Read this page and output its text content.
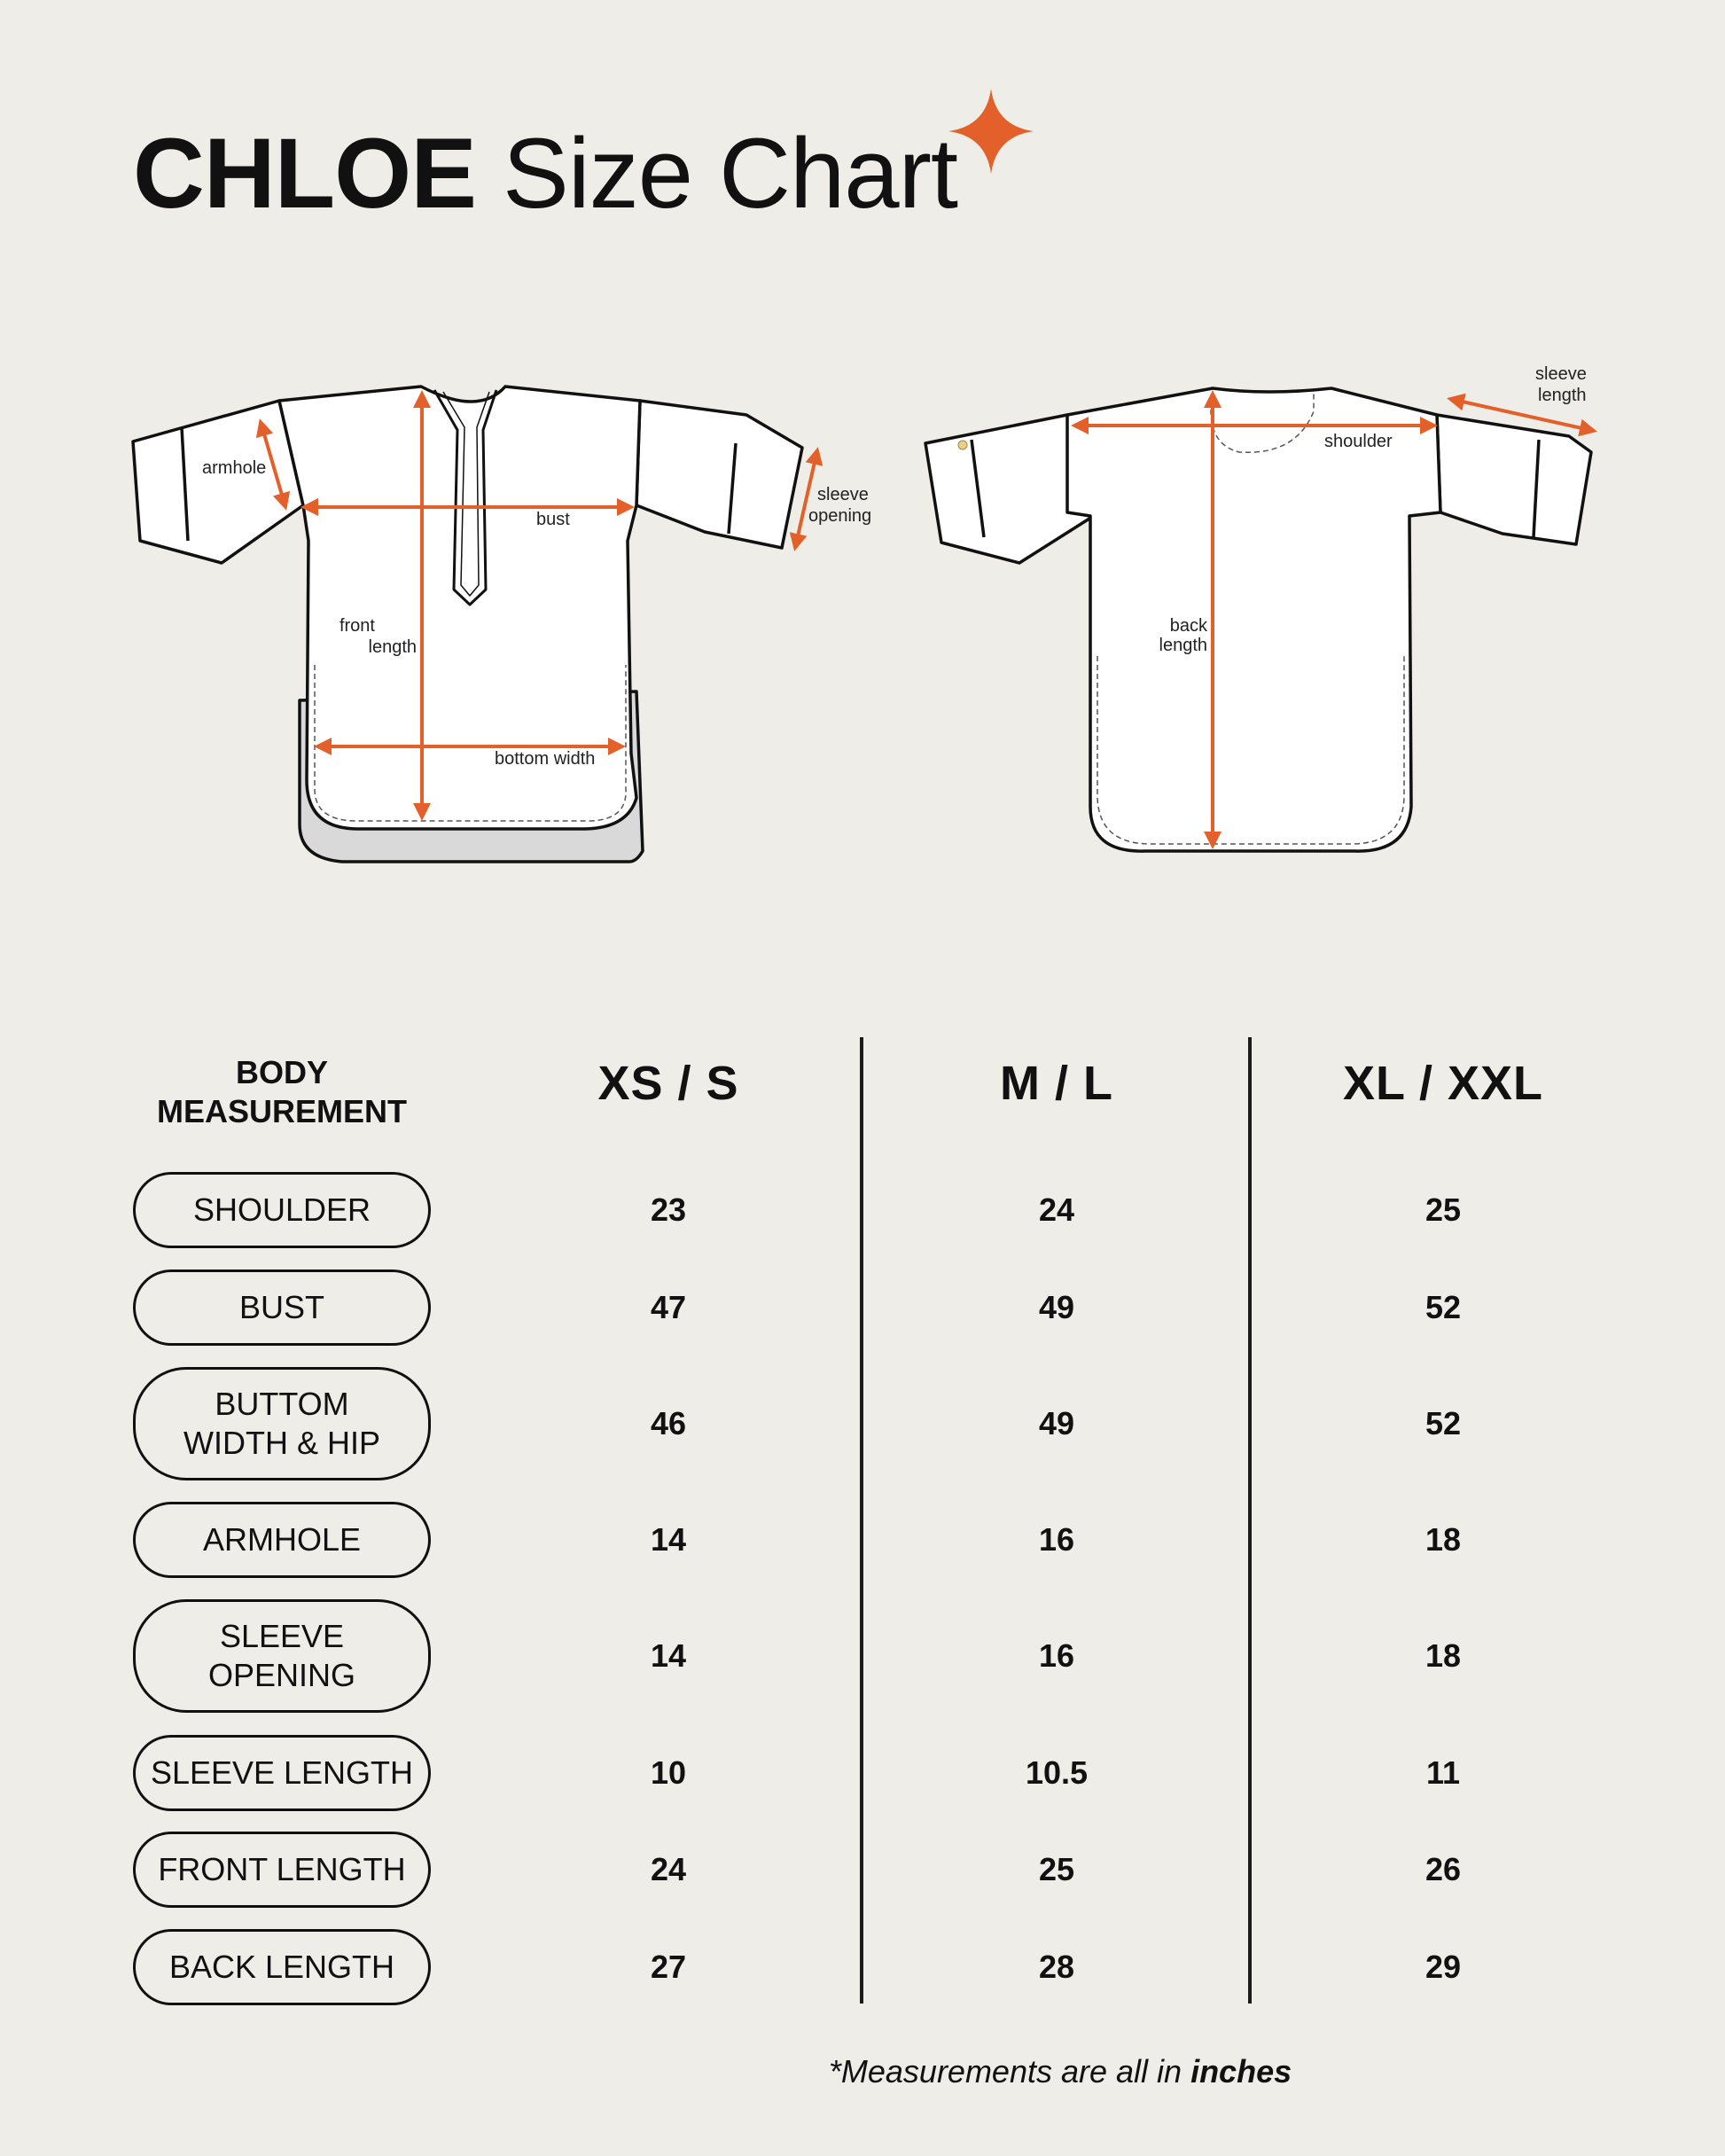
CHLOE Size Chart
armhole
bust
front
length
bottom width
sleeve
opening
sleeve
length
shoulder
back
length
BODY
MEASUREMENT
XS / S	M / L	XL / XXL
SHOULDER	23	24	25
BUST	47	49	52
BUTTOM
WIDTH & HIP
46	49	52
ARMHOLE	14	16	18
SLEEVE
OPENING
14	16	18
SLEEVE LENGTH	10	10.5	11
FRONT LENGTH	24	25	26
BACK LENGTH	27	28	29
*Measurements are all in inches
